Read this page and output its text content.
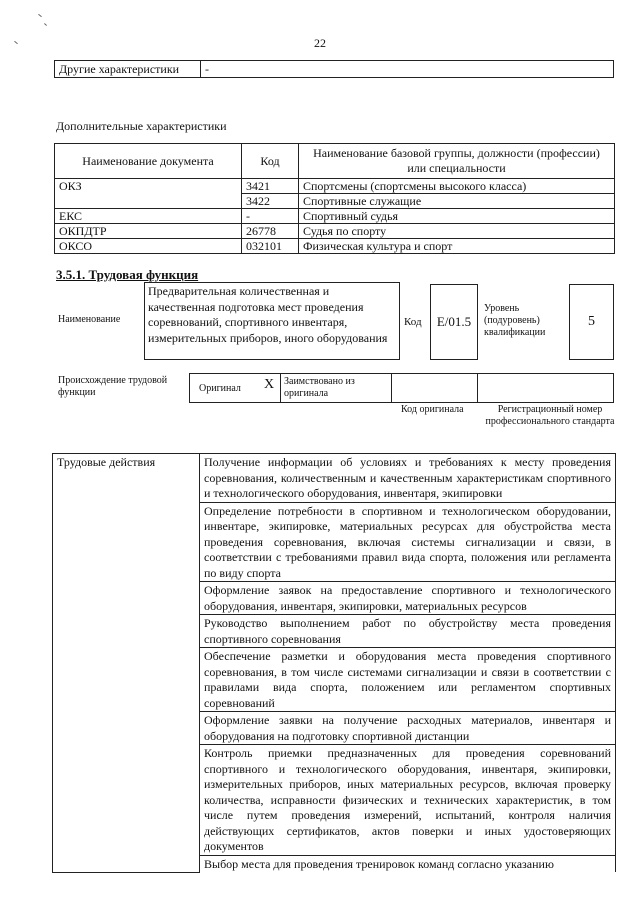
22
Другие характеристики	-
Дополнительные характеристики
Наименование документа	Код	Наименование базовой группы, должности (профессии) или специальности
ОКЗ	3421	Спортсмены (спортсмены высокого класса)
	3422	Спортивные служащие
ЕКС	-	Спортивный судья
ОКПДТР	26778	Судья по спорту
ОКСО	032101	Физическая культура и спорт
3.5.1. Трудовая функция
Наименование
Предварительная количественная и качественная подготовка мест проведения соревнований, спортивного инвентаря, измерительных приборов, иного оборудования
Код	E/01.5
Уровень (подуровень) квалификации
5
Происхождение трудовой функции	Оригинал X Заимствовано из оригинала
Код оригинала	Регистрационный номер профессионального стандарта
Трудовые действия	Получение информации об условиях и требованиях к месту проведения соревнования, количественным и качественным характеристикам спортивного и технологического оборудования, инвентаря, экипировки
Определение потребности в спортивном и технологическом оборудовании, инвентаре, экипировке, материальных ресурсах для обустройства места проведения соревнования, включая системы сигнализации и связи, в соответствии с требованиями правил вида спорта, положения или регламента по виду спорта
Оформление заявок на предоставление спортивного и технологического оборудования, инвентаря, экипировки, материальных ресурсов
Руководство выполнением работ по обустройству места проведения спортивного соревнования
Обеспечение разметки и оборудования места проведения спортивного соревнования, в том числе системами сигнализации и связи в соответствии с правилами вида спорта, положением или регламентом спортивных соревнований
Оформление заявки на получение расходных материалов, инвентаря и оборудования на подготовку спортивной дистанции
Контроль приемки предназначенных для проведения соревнований спортивного и технологического оборудования, инвентаря, экипировки, измерительных приборов, иных материальных ресурсов, включая проверку количества, исправности физических и технических характеристик, в том числе путем проведения измерений, испытаний, контроля наличия действующих сертификатов, актов поверки и иных удостоверяющих документов
Выбор места для проведения тренировок команд согласно указанию
